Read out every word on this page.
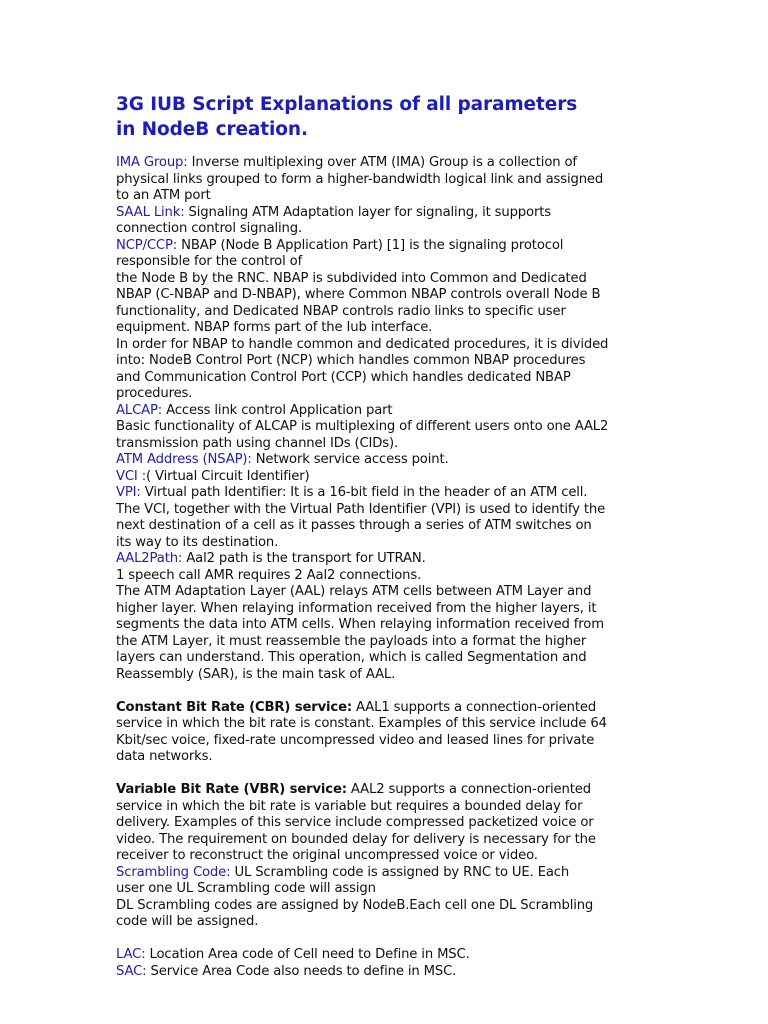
3G IUB Script Explanations of all parameters
in NodeB creation.
IMA Group: Inverse multiplexing over ATM (IMA) Group is a collection of
physical links grouped to form a higher-bandwidth logical link and assigned
to an ATM port
SAAL Link: Signaling ATM Adaptation layer for signaling, it supports
connection control signaling.
NCP/CCP: NBAP (Node B Application Part) [1] is the signaling protocol
responsible for the control of
the Node B by the RNC. NBAP is subdivided into Common and Dedicated
NBAP (C-NBAP and D-NBAP), where Common NBAP controls overall Node B
functionality, and Dedicated NBAP controls radio links to specific user
equipment. NBAP forms part of the Iub interface.
In order for NBAP to handle common and dedicated procedures, it is divided
into: NodeB Control Port (NCP) which handles common NBAP procedures
and Communication Control Port (CCP) which handles dedicated NBAP
procedures.
ALCAP: Access link control Application part
Basic functionality of ALCAP is multiplexing of different users onto one AAL2
transmission path using channel IDs (CIDs).
ATM Address (NSAP): Network service access point.
VCI :( Virtual Circuit Identifier)
VPI: Virtual path Identifier: It is a 16-bit field in the header of an ATM cell.
The VCI, together with the Virtual Path Identifier (VPI) is used to identify the
next destination of a cell as it passes through a series of ATM switches on
its way to its destination.
AAL2Path: Aal2 path is the transport for UTRAN.
1 speech call AMR requires 2 Aal2 connections.
The ATM Adaptation Layer (AAL) relays ATM cells between ATM Layer and
higher layer. When relaying information received from the higher layers, it
segments the data into ATM cells. When relaying information received from
the ATM Layer, it must reassemble the payloads into a format the higher
layers can understand. This operation, which is called Segmentation and
Reassembly (SAR), is the main task of AAL.
Constant Bit Rate (CBR) service: AAL1 supports a connection-oriented
service in which the bit rate is constant. Examples of this service include 64
Kbit/sec voice, fixed-rate uncompressed video and leased lines for private
data networks.
Variable Bit Rate (VBR) service: AAL2 supports a connection-oriented
service in which the bit rate is variable but requires a bounded delay for
delivery. Examples of this service include compressed packetized voice or
video. The requirement on bounded delay for delivery is necessary for the
receiver to reconstruct the original uncompressed voice or video.
Scrambling Code: UL Scrambling code is assigned by RNC to UE. Each
user one UL Scrambling code will assign
DL Scrambling codes are assigned by NodeB.Each cell one DL Scrambling
code will be assigned.
LAC: Location Area code of Cell need to Define in MSC.
SAC: Service Area Code also needs to define in MSC.
